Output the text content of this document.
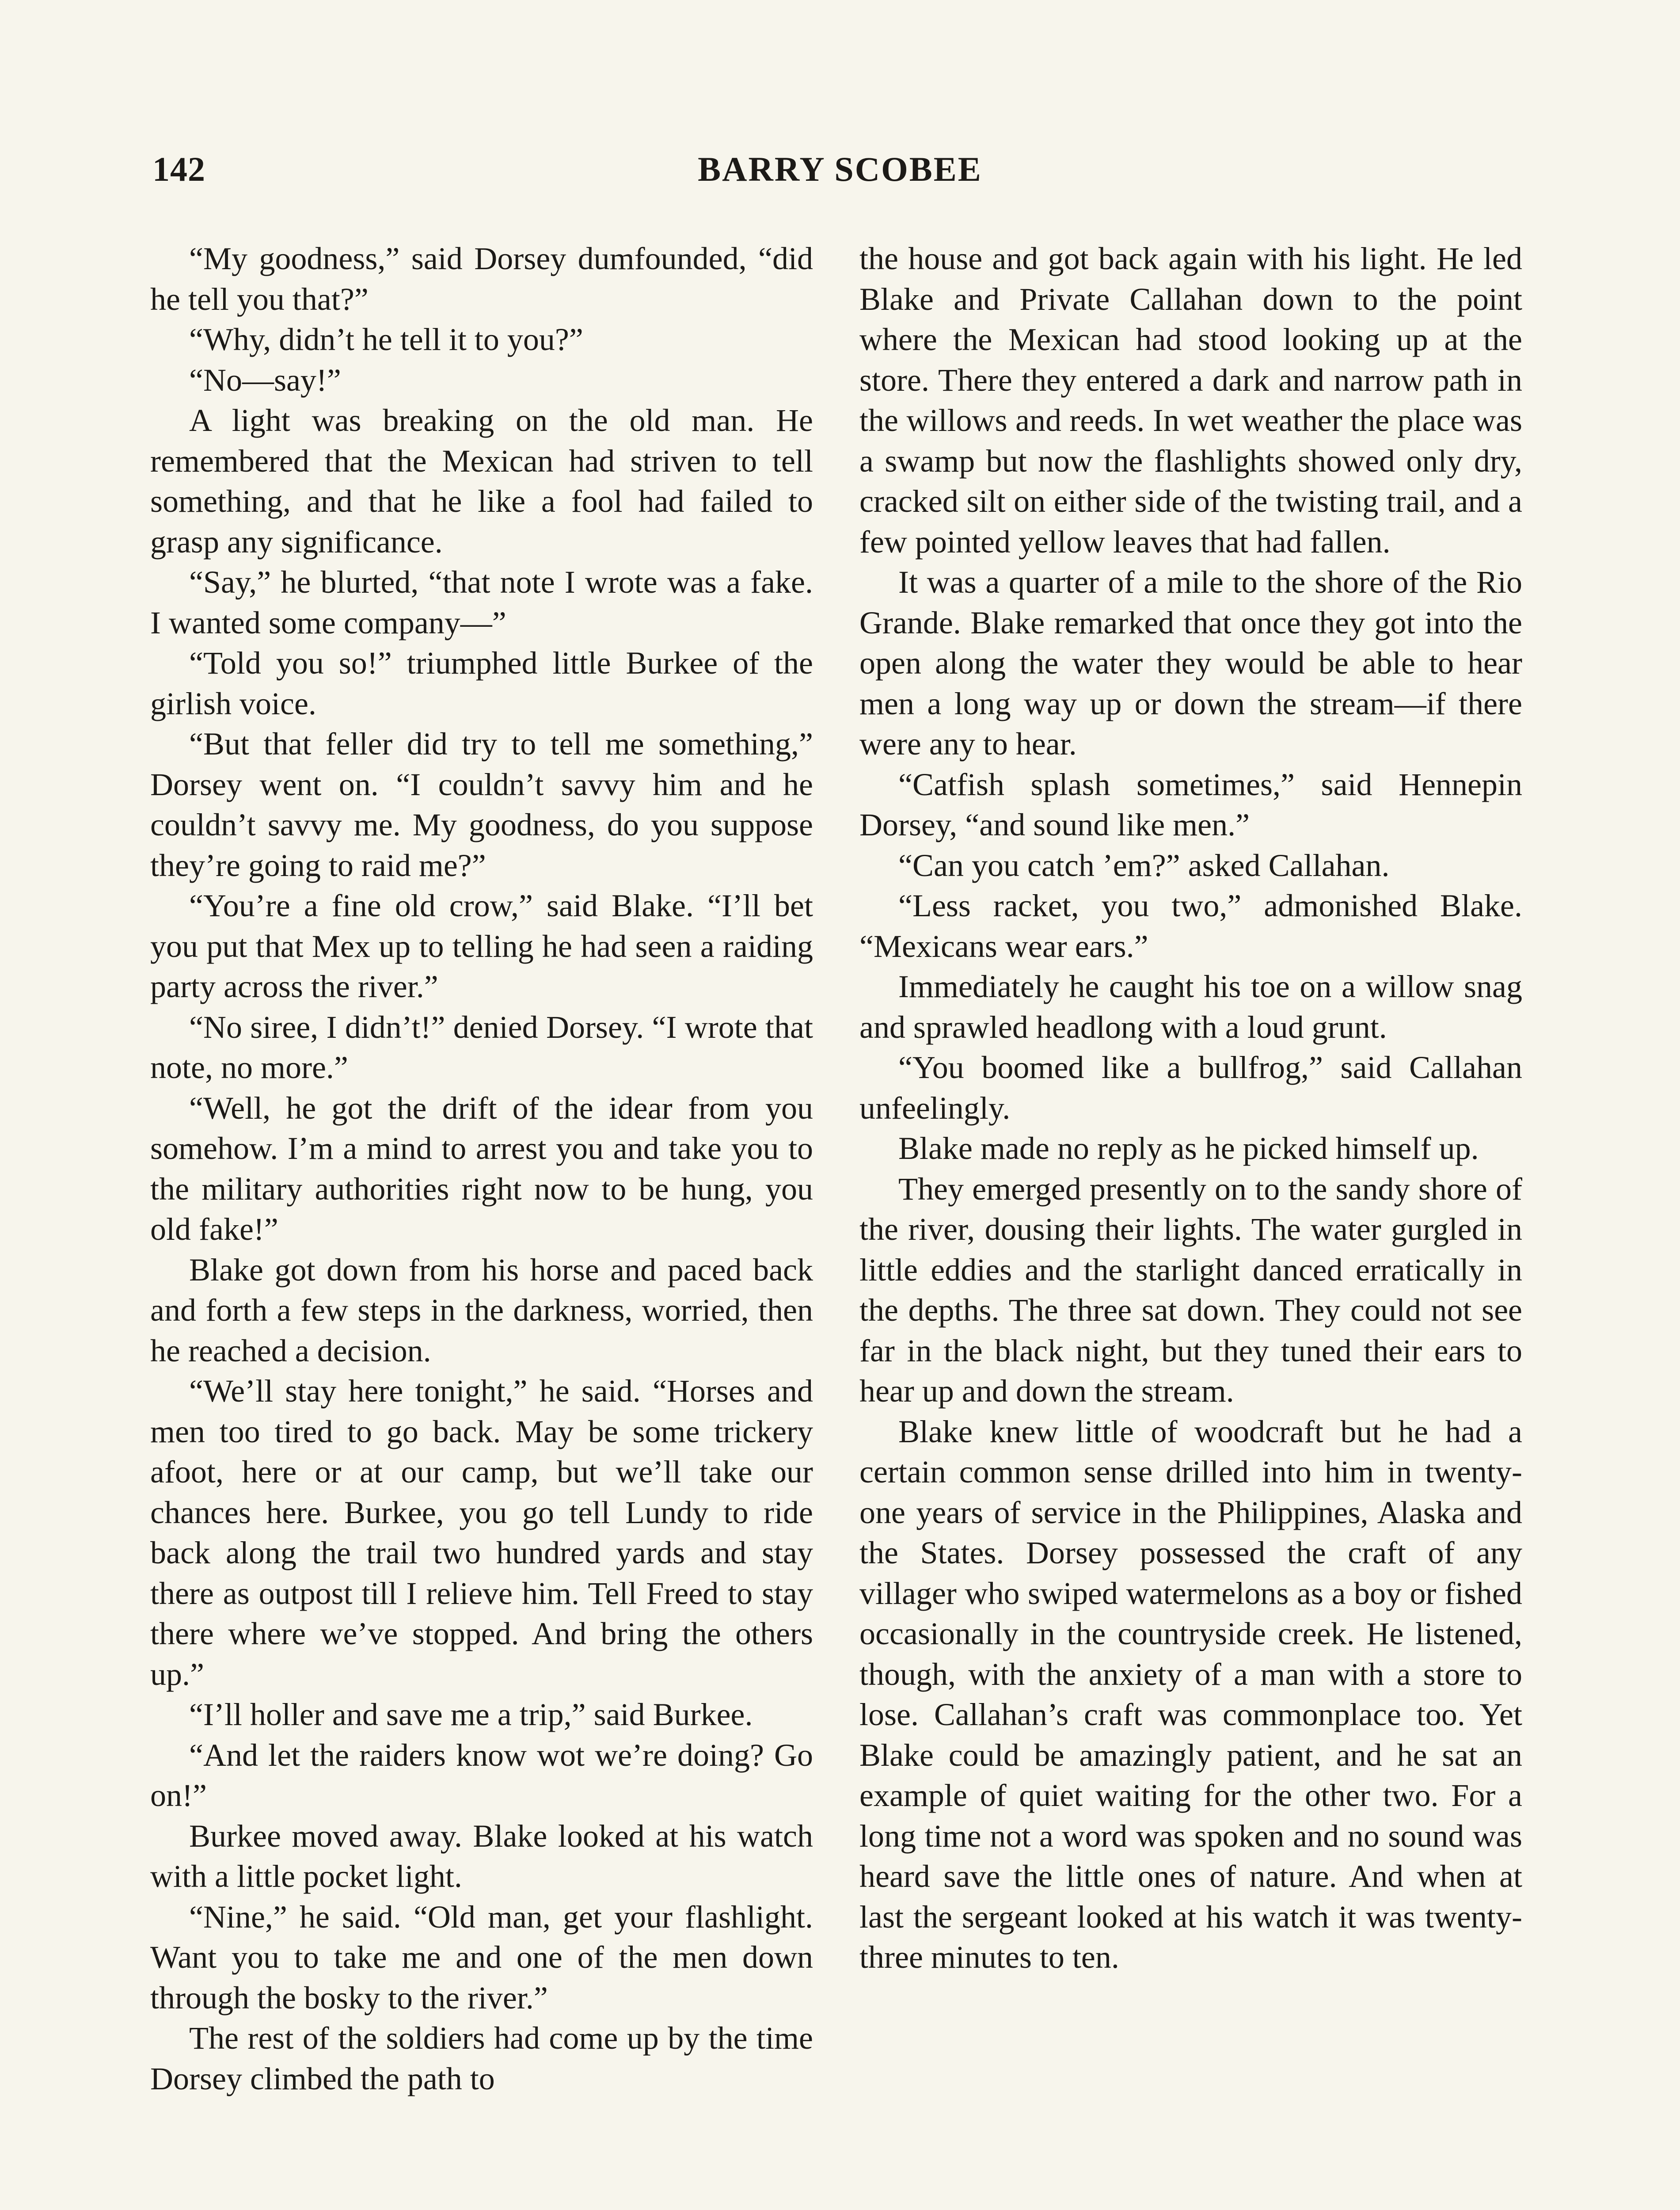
142	BARRY SCOBEE

“My goodness,” said Dorsey dumfounded, “did he tell you that?”

“Why, didn’t he tell it to you?”

“No—say!”

A light was breaking on the old man. He remembered that the Mexican had striven to tell something, and that he like a fool had failed to grasp any significance.

“Say,” he blurted, “that note I wrote was a fake. I wanted some company—”

“Told you so!” triumphed little Burkee of the girlish voice.

“But that feller did try to tell me something,” Dorsey went on. “I couldn’t savvy him and he couldn’t savvy me. My goodness, do you suppose they’re going to raid me?”

“You’re a fine old crow,” said Blake. “I’ll bet you put that Mex up to telling he had seen a raiding party across the river.”

“No siree, I didn’t!” denied Dorsey. “I wrote that note, no more.”

“Well, he got the drift of the idear from you somehow. I’m a mind to arrest you and take you to the military authorities right now to be hung, you old fake!”

Blake got down from his horse and paced back and forth a few steps in the darkness, worried, then he reached a decision.

“We’ll stay here tonight,” he said. “Horses and men too tired to go back. May be some trickery afoot, here or at our camp, but we’ll take our chances here. Burkee, you go tell Lundy to ride back along the trail two hundred yards and stay there as outpost till I relieve him. Tell Freed to stay there where we’ve stopped. And bring the others up.”

“I’ll holler and save me a trip,” said Burkee.

“And let the raiders know wot we’re doing? Go on!”

Burkee moved away. Blake looked at his watch with a little pocket light.

“Nine,” he said. “Old man, get your flashlight. Want you to take me and one of the men down through the bosky to the river.”

The rest of the soldiers had come up by the time Dorsey climbed the path to

the house and got back again with his light. He led Blake and Private Callahan down to the point where the Mexican had stood looking up at the store. There they entered a dark and narrow path in the willows and reeds. In wet weather the place was a swamp but now the flashlights showed only dry, cracked silt on either side of the twisting trail, and a few pointed yellow leaves that had fallen.

It was a quarter of a mile to the shore of the Rio Grande. Blake remarked that once they got into the open along the water they would be able to hear men a long way up or down the stream—if there were any to hear.

“Catfish splash sometimes,” said Hennepin Dorsey, “and sound like men.”

“Can you catch ’em?” asked Callahan.

“Less racket, you two,” admonished Blake. “Mexicans wear ears.”

Immediately he caught his toe on a willow snag and sprawled headlong with a loud grunt.

“You boomed like a bullfrog,” said Callahan unfeelingly.

Blake made no reply as he picked himself up.

They emerged presently on to the sandy shore of the river, dousing their lights. The water gurgled in little eddies and the starlight danced erratically in the depths. The three sat down. They could not see far in the black night, but they tuned their ears to hear up and down the stream.

Blake knew little of woodcraft but he had a certain common sense drilled into him in twenty-one years of service in the Philippines, Alaska and the States. Dorsey possessed the craft of any villager who swiped watermelons as a boy or fished occasionally in the countryside creek. He listened, though, with the anxiety of a man with a store to lose. Callahan’s craft was commonplace too. Yet Blake could be amazingly patient, and he sat an example of quiet waiting for the other two. For a long time not a word was spoken and no sound was heard save the little ones of nature. And when at last the sergeant looked at his watch it was twenty-three minutes to ten.
